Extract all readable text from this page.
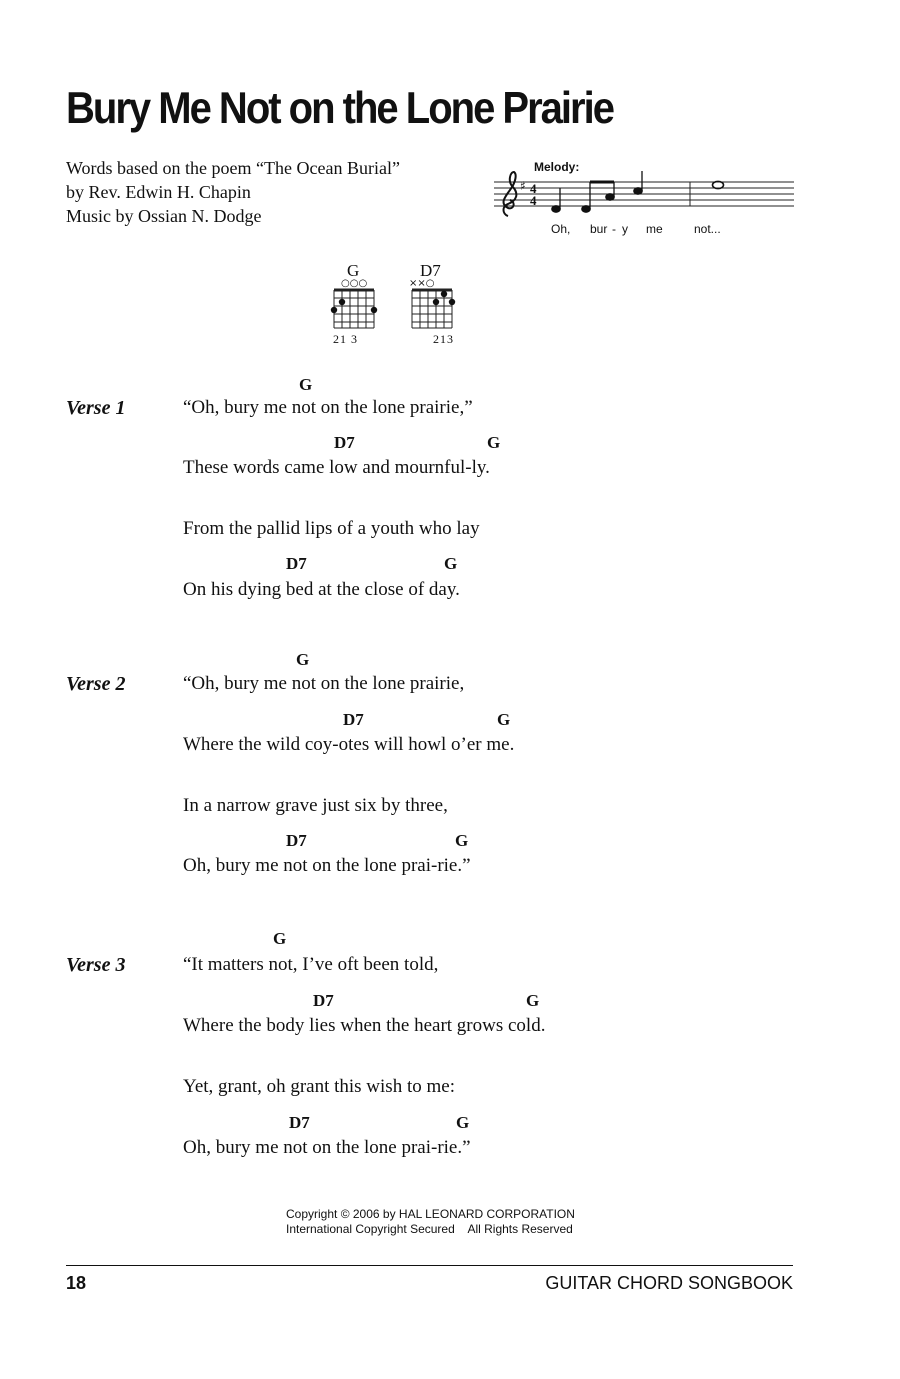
Bury Me Not on the Lone Prairie
Words based on the poem “The Ocean Burial”
by Rev. Edwin H. Chapin
Music by Ossian N. Dodge
Melody:
♯ 4
4
Oh, bur - y me	not...
G
○○○
21 3
D7
××○
213
Verse 1
G
“Oh, bury me not on the lone prairie,”
D7	G
These words came low and mournful-ly.
From the pallid lips of a youth who lay
D7	G
On his dying bed at the close of day.
Verse 2
G
“Oh, bury me not on the lone prairie,
D7	G
Where the wild coy-otes will howl o’er me.
In a narrow grave just six by three,
D7	G
Oh, bury me not on the lone prai-rie.”
Verse 3
G
“It matters not, I’ve oft been told,
D7	G
Where the body lies when the heart grows cold.
Yet, grant, oh grant this wish to me:
D7	G
Oh, bury me not on the lone prai-rie.”
Copyright © 2006 by HAL LEONARD CORPORATION
International Copyright Secured    All Rights Reserved
18	GUITAR CHORD SONGBOOK
